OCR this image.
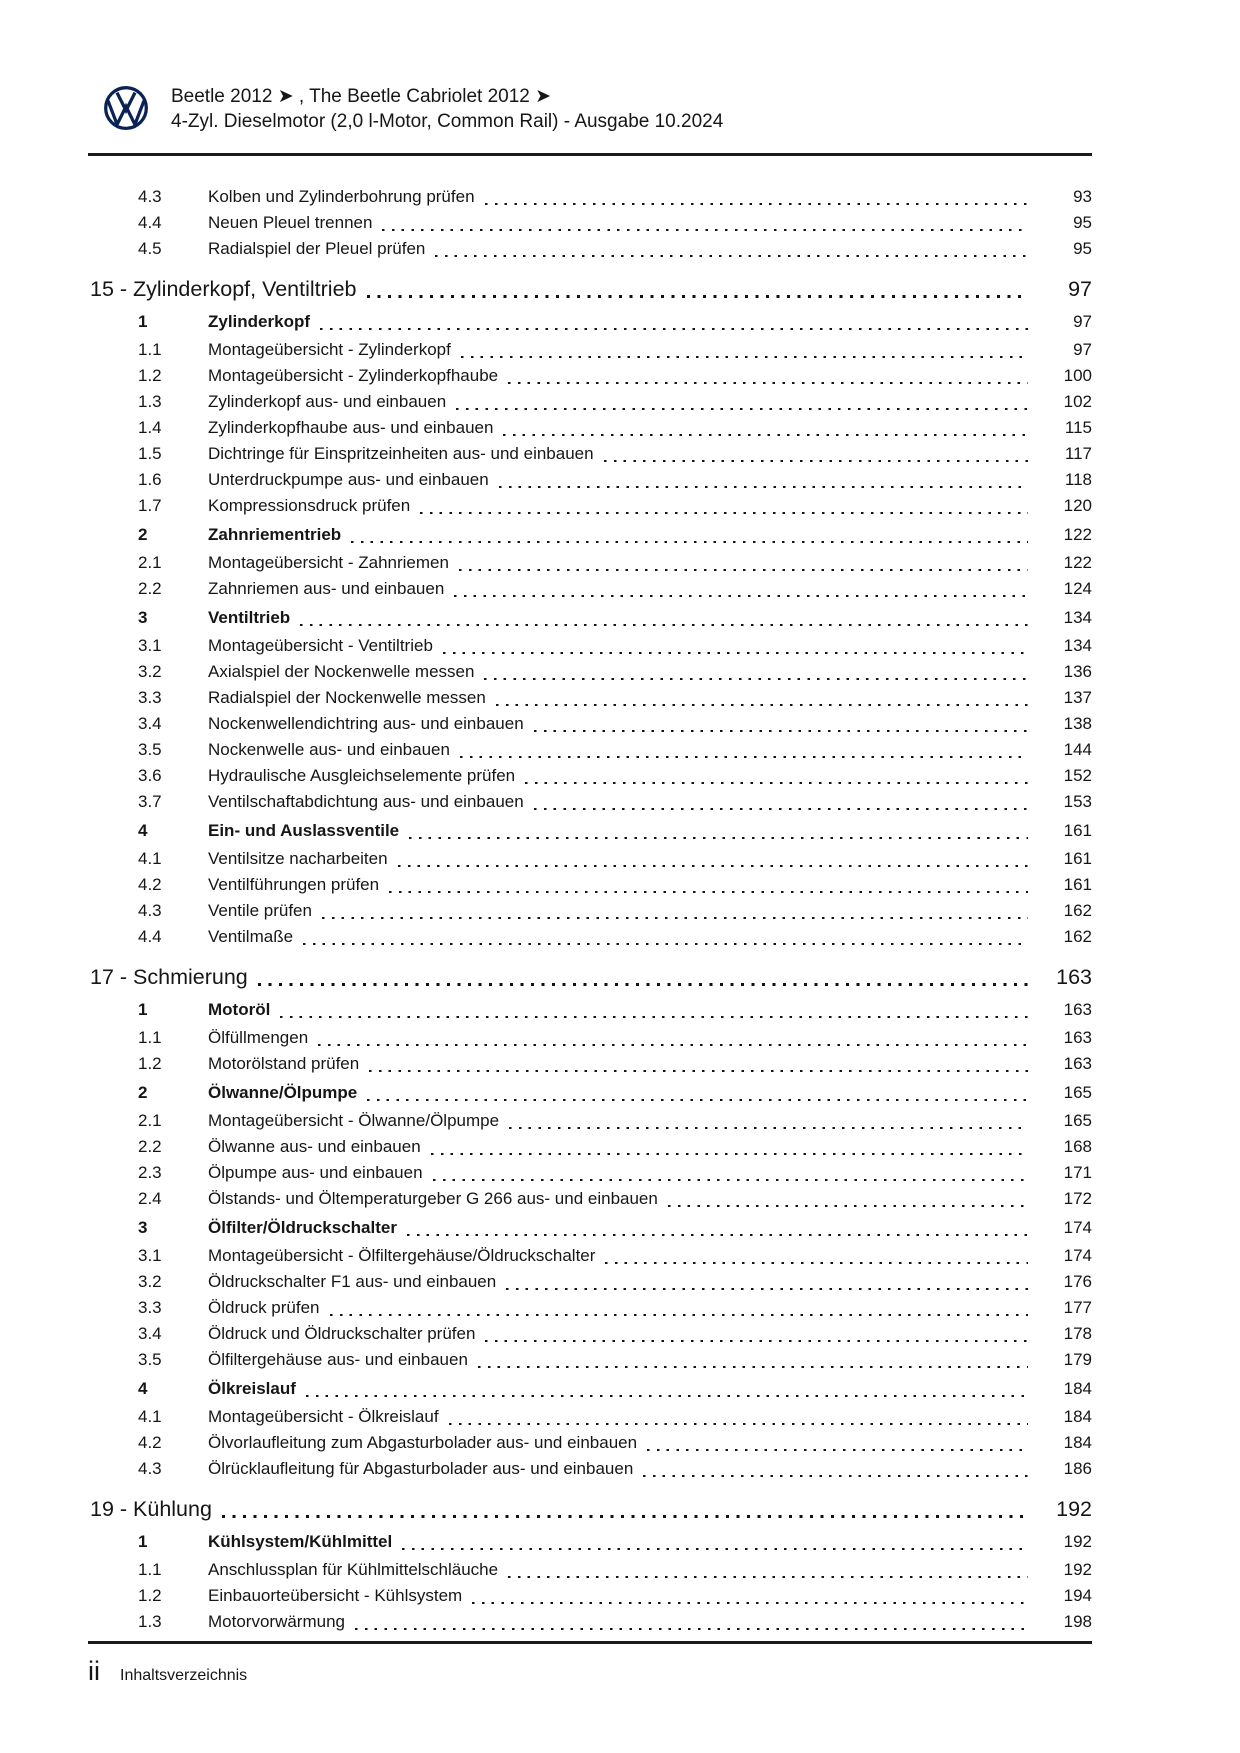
Beetle 2012 ➤ , The Beetle Cabriolet 2012 ➤
4-Zyl. Dieselmotor (2,0 l-Motor, Common Rail) - Ausgabe 10.2024
4.3	Kolben und Zylinderbohrung prüfen	93
4.4	Neuen Pleuel trennen	95
4.5	Radialspiel der Pleuel prüfen	95
15 - Zylinderkopf, Ventiltrieb	97
1	Zylinderkopf	97
1.1	Montageübersicht - Zylinderkopf	97
1.2	Montageübersicht - Zylinderkopfhaube	100
1.3	Zylinderkopf aus- und einbauen	102
1.4	Zylinderkopfhaube aus- und einbauen	115
1.5	Dichtringe für Einspritzeinheiten aus- und einbauen	117
1.6	Unterdruckpumpe aus- und einbauen	118
1.7	Kompressionsdruck prüfen	120
2	Zahnriementrieb	122
2.1	Montageübersicht - Zahnriemen	122
2.2	Zahnriemen aus- und einbauen	124
3	Ventiltrieb	134
3.1	Montageübersicht - Ventiltrieb	134
3.2	Axialspiel der Nockenwelle messen	136
3.3	Radialspiel der Nockenwelle messen	137
3.4	Nockenwellendichtring aus- und einbauen	138
3.5	Nockenwelle aus- und einbauen	144
3.6	Hydraulische Ausgleichselemente prüfen	152
3.7	Ventilschaftabdichtung aus- und einbauen	153
4	Ein- und Auslassventile	161
4.1	Ventilsitze nacharbeiten	161
4.2	Ventilführungen prüfen	161
4.3	Ventile prüfen	162
4.4	Ventilmaße	162
17 - Schmierung	163
1	Motoröl	163
1.1	Ölfüllmengen	163
1.2	Motorölstand prüfen	163
2	Ölwanne/Ölpumpe	165
2.1	Montageübersicht - Ölwanne/Ölpumpe	165
2.2	Ölwanne aus- und einbauen	168
2.3	Ölpumpe aus- und einbauen	171
2.4	Ölstands- und Öltemperaturgeber G 266 aus- und einbauen	172
3	Ölfilter/Öldruckschalter	174
3.1	Montageübersicht - Ölfiltergehäuse/Öldruckschalter	174
3.2	Öldruckschalter F1 aus- und einbauen	176
3.3	Öldruck prüfen	177
3.4	Öldruck und Öldruckschalter prüfen	178
3.5	Ölfiltergehäuse aus- und einbauen	179
4	Ölkreislauf	184
4.1	Montageübersicht - Ölkreislauf	184
4.2	Ölvorlaufleitung zum Abgasturbolader aus- und einbauen	184
4.3	Ölrücklaufleitung für Abgasturbolader aus- und einbauen	186
19 - Kühlung	192
1	Kühlsystem/Kühlmittel	192
1.1	Anschlussplan für Kühlmittelschläuche	192
1.2	Einbauorteübersicht - Kühlsystem	194
1.3	Motorvorwärmung	198
ii Inhaltsverzeichnis
